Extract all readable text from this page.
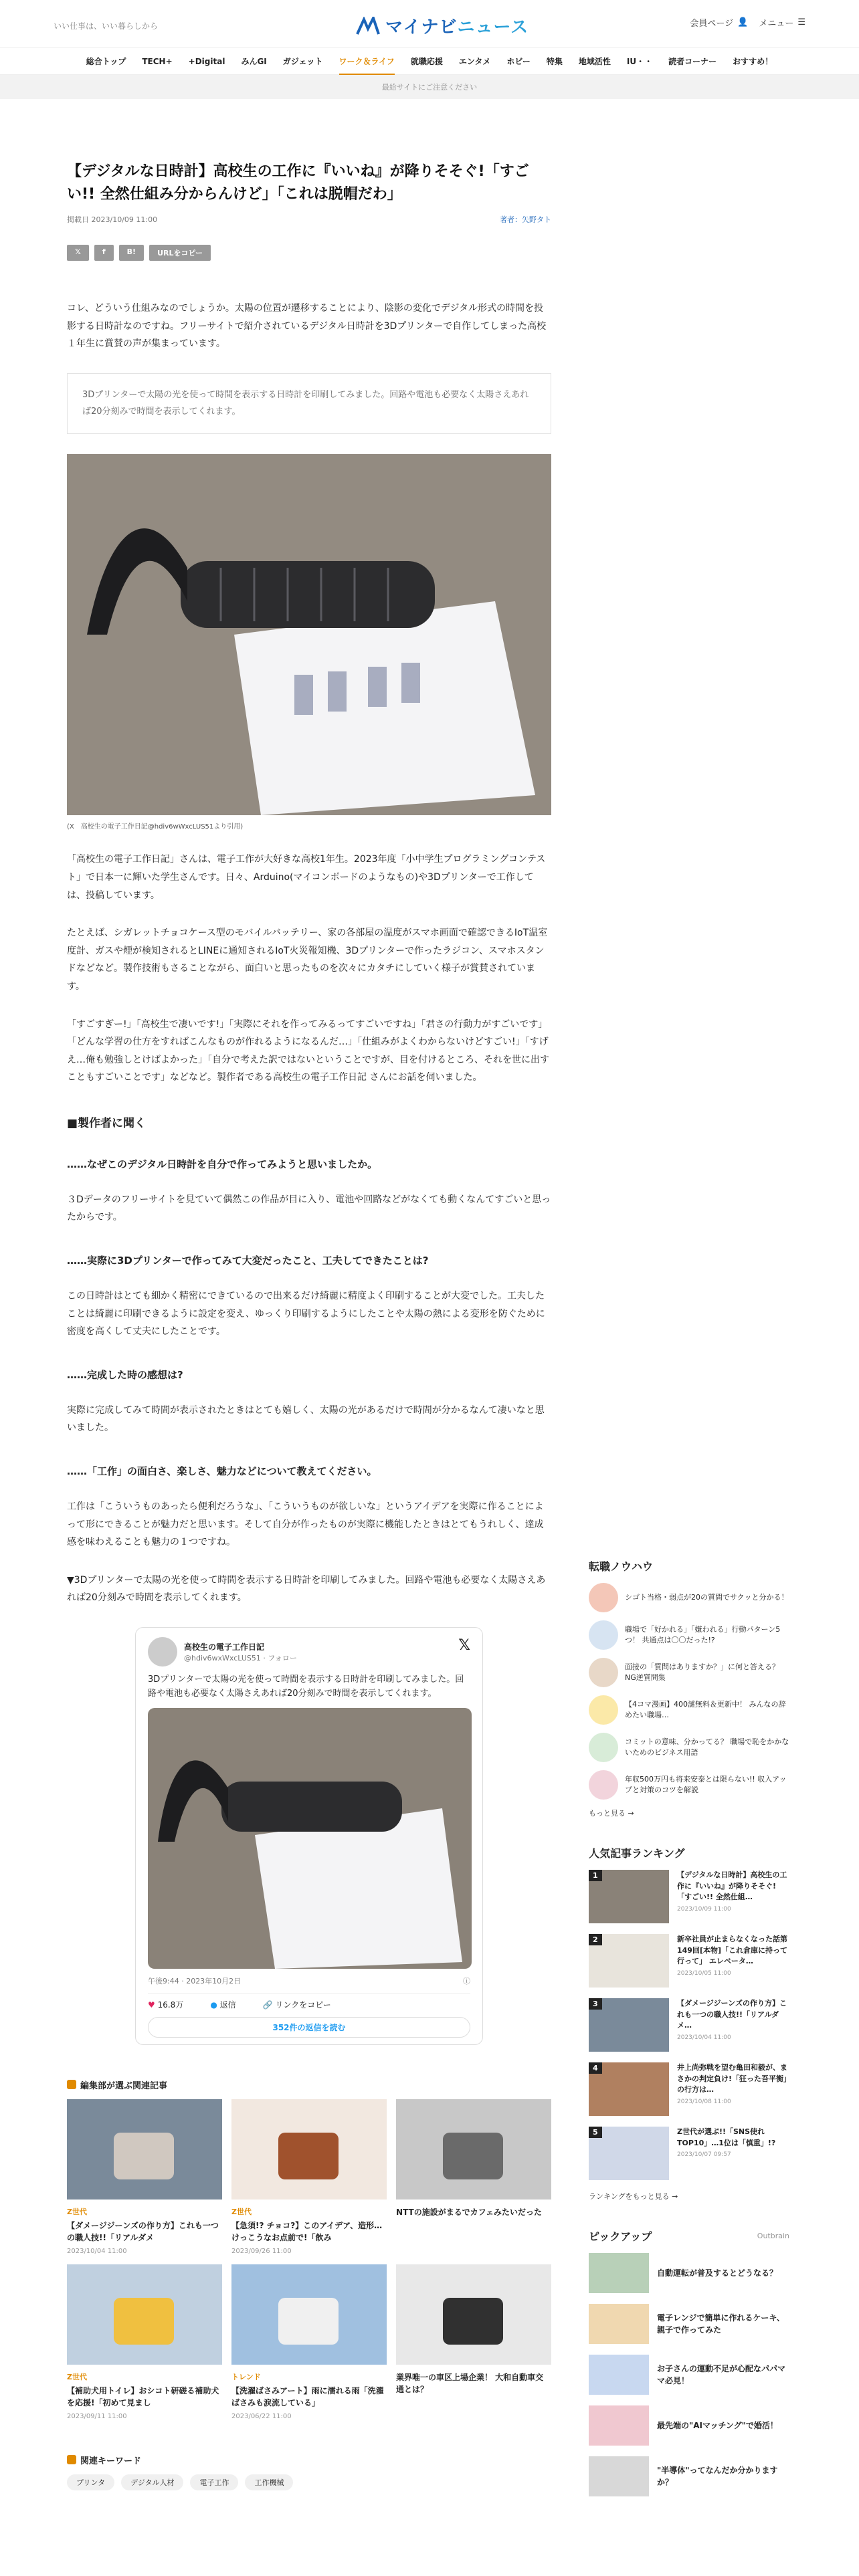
いい仕事は、いい暮らしから	マイナビニュース	会員ページ 👤 メニュー ☰
総合トップ TECH+ +Digital みんGI ガジェット ワーク＆ライフ 就職応援 エンタメ ホビー 特集 地域活性 IU・・ 読者コーナー おすすめ！
最給サイトにご注意ください
【デジタルな日時計】高校生の工作に『いいね』が降りそそぐ!「すごい!! 全然仕組み分からんけど」「これは脱帽だわ」
掲載日 2023/10/09 11:00	著者：矢野タト
𝕏	f	B!	URLをコピー

コレ、どういう仕組みなのでしょうか。太陽の位置が遷移することにより、陰影の変化でデジタル形式の時間を投影する日時計なのですね。フリーサイトで紹介されているデジタル日時計を3Dプリンターで自作してしまった高校１年生に賞賛の声が集まっています。

3Dプリンターで太陽の光を使って時間を表示する日時計を印刷してみました。回路や電池も必要なく太陽さえあれば20分刻みで時間を表示してくれます。
(X　高校生の電子工作日記@hdiv6wWxcLUS51より引用)

「高校生の電子工作日記」さんは、電子工作が大好きな高校1年生。2023年度「小中学生プログラミングコンテスト」で日本一に輝いた学生さんです。日々、Arduino(マイコンボードのようなもの)や3Dプリンターで工作しては、投稿しています。

たとえば、シガレットチョコケース型のモバイルバッテリー、家の各部屋の温度がスマホ画面で確認できるIoT温室度計、ガスや煙が検知されるとLINEに通知されるIoT火災報知機、3Dプリンターで作ったラジコン、スマホスタンドなどなど。製作技術もさることながら、面白いと思ったものを次々にカタチにしていく様子が賞賛されています。

「すごすぎー!」「高校生で凄いです!」「実際にそれを作ってみるってすごいですね」「君さの行動力がすごいです」「どんな学習の仕方をすればこんなものが作れるようになるんだ…」「仕組みがよくわからないけどすごい!」「すげえ…俺も勉強しとけばよかった」「自分で考えた訳ではないということですが、目を付けるところ、それを世に出すこともすごいことです」などなど。製作者である高校生の電子工作日記 さんにお話を伺いました。

■製作者に聞く
……なぜこのデジタル日時計を自分で作ってみようと思いましたか。

３Dデータのフリーサイトを見ていて偶然この作品が目に入り、電池や回路などがなくても動くなんてすごいと思ったからです。

……実際に3Dプリンターで作ってみて大変だったこと、工夫してできたことは?

この日時計はとても細かく精密にできているので出来るだけ綺麗に精度よく印刷することが大変でした。工夫したことは綺麗に印刷できるように設定を変え、ゆっくり印刷するようにしたことや太陽の熱による変形を防ぐために密度を高くして丈夫にしたことです。

……完成した時の感想は?

実際に完成してみて時間が表示されたときはとても嬉しく、太陽の光があるだけで時間が分かるなんて凄いなと思いました。

……「工作」の面白さ、楽しさ、魅力などについて教えてください。

工作は「こういうものあったら便利だろうな」、「こういうものが欲しいな」というアイデアを実際に作ることによって形にできることが魅力だと思います。そして自分が作ったものが実際に機能したときはとてもうれしく、達成感を味わえることも魅力の１つですね。

▼3Dプリンターで太陽の光を使って時間を表示する日時計を印刷してみました。回路や電池も必要なく太陽さえあれば20分刻みで時間を表示してくれます。

高校生の電子工作日記
@hdiv6wxWxcLUS51 · フォロー
𝕏
3Dプリンターで太陽の光を使って時間を表示する日時計を印刷してみました。回路や電池も必要なく太陽さえあれば20分刻みで時間を表示してくれます。
午後9:44 · 2023年10月2日	ⓘ
♥ 16.8万	● 返信	🔗 リンクをコピー
352件の返信を読む
編集部が選ぶ関連記事
Z世代
【ダメージジーンズの作り方】これも一つの職人技!!「リアルダメ
2023/10/04 11:00
Z世代
【急須!? チョコ?】このアイデア、造形…けっこうなお点前で!「飲み
2023/09/26 11:00
NTTの施設がまるでカフェみたいだった
Z世代
【補助犬用トイレ】おシコト研磋る補助犬を応援!「初めて見まし
2023/09/11 11:00
トレンド
【洗濯ばさみアート】雨に濡れる雨「洗濯ばさみも涙流している」
2023/06/22 11:00
業界唯一の車区上場企業！ 大和自動車交通とは？
関連キーワード
プリンタ	デジタル人材	電子工作	工作機械
転職ノウハウ
シゴト当格・弱点が20の質問でサクッと分かる！
職場で「好かれる」「嫌われる」行動パターン5つ！ 共通点は〇〇だった!?
面接の「質問はありますか？」に何と答える？ NG逆質問集
【4コマ漫画】400謎無料＆更新中！ みんなの辞めたい職場…
コミットの意味、分かってる？ 職場で恥をかかないためのビジネス用語
年収500万円も将来安泰とは限らない!! 収入アップと対策のコツを解説
もっと見る →
人気記事ランキング
1	【デジタルな日時計】高校生の工作に『いいね』が降りそそぐ!「すごい!! 全然仕組…
2023/10/09 11:00
2	新卒社員が止まらなくなった話第149回[本物]「これ倉庫に持って行って」 エレベータ…
2023/10/05 11:00
3	【ダメージジーンズの作り方】これも一つの職人技!!「リアルダメ…
2023/10/04 11:00
4	井上尚弥戦を望む亀田和毅が、まさかの判定負け!「狂った吾平衡」の行方は…
2023/10/08 11:00
5	Z世代が選ぶ!!「SNS使れTOP10」…1位は「慎重」!?
2023/10/07 09:57
ランキングをもっと見る →
ピックアップ	Outbrain
自動運転が普及するとどうなる？
電子レンジで簡単に作れるケーキ、親子で作ってみた
お子さんの運動不足が心配なパパママ必見！
最先端の"AIマッチング"で婚活！
"半導体"ってなんだか分かりますか？
